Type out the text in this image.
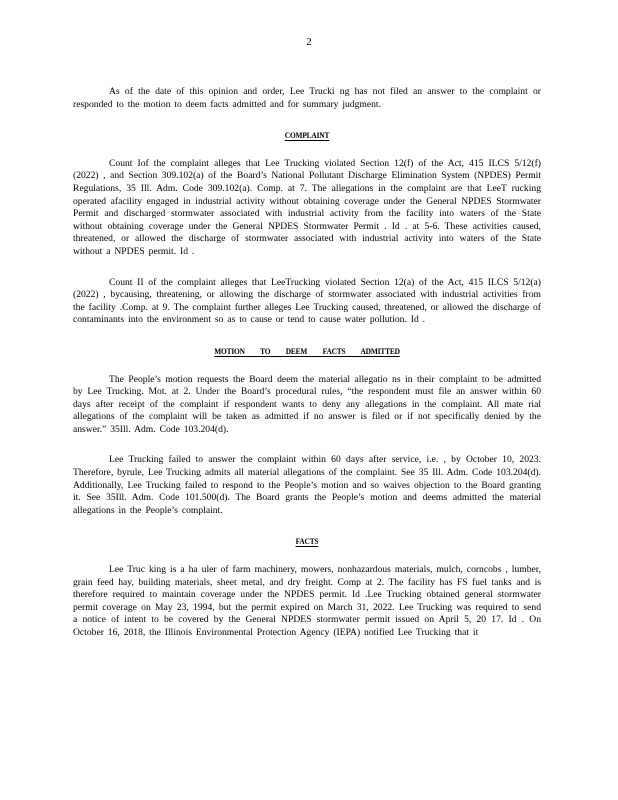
2

As of the date of this opinion and order, Lee Trucki ng has not filed an answer to the complaint or responded to the motion to deem facts admitted and for summary judgment.

COMPLAINT

Count Iof the complaint alleges that Lee Trucking violated Section 12(f) of the Act, 415 ILCS 5/12(f) (2022) , and Section 309.102(a) of the Board’s National Pollutant Discharge Elimination System (NPDES) Permit Regulations, 35 Ill. Adm. Code 309.102(a). Comp. at 7. The allegations in the complaint are that LeeT rucking operated afacility engaged in industrial activity without obtaining coverage under the General NPDES Stormwater Permit and discharged stormwater associated with industrial activity from the facility into waters of the State without obtaining coverage under the General NPDES Stormwater Permit . Id . at 5-6. These activities caused, threatened, or allowed the discharge of stormwater associated with industrial activity into waters of the State without a NPDES permit. Id .

Count II of the complaint alleges that LeeTrucking violated Section 12(a) of the Act, 415 ILCS 5/12(a) (2022) , bycausing, threatening, or allowing the discharge of stormwater associated with industrial activities from the facility .Comp. at 9. The complaint further alleges Lee Trucking caused, threatened, or allowed the discharge of contaminants into the environment so as to cause or tend to cause water pollution. Id .

MOTION TO DEEM FACTS ADMITTED

The People’s motion requests the Board deem the material allegatio ns in their complaint to be admitted by Lee Trucking. Mot. at 2. Under the Board’s procedural rules, “the respondent must file an answer within 60 days after receipt of the complaint if respondent wants to deny any allegations in the complaint. All mate rial allegations of the complaint will be taken as admitted if no answer is filed or if not specifically denied by the answer.” 35Ill. Adm. Code 103.204(d).

Lee Trucking failed to answer the complaint within 60 days after service, i.e. , by October 10, 2023. Therefore, byrule, Lee Trucking admits all material allegations of the complaint. See 35 Ill. Adm. Code 103.204(d). Additionally, Lee Trucking failed to respond to the People’s motion and so waives objection to the Board granting it. See 35Ill. Adm. Code 101.500(d). The Board grants the People’s motion and deems admitted the material allegations in the People’s complaint.

FACTS

Lee Truc king is a ha uler of farm machinery, mowers, nonhazardous materials, mulch, corncobs , lumber, grain feed hay, building materials, sheet metal, and dry freight. Comp at 2. The facility has FS fuel tanks and is therefore required to maintain coverage under the NPDES permit. Id .Lee Trucking obtained general stormwater permit coverage on May 23, 1994, but the permit expired on March 31, 2022. Lee Trucking was required to send a notice of intent to be covered by the General NPDES stormwater permit issued on April 5, 20 17. Id . On October 16, 2018, the Illinois Environmental Protection Agency (IEPA) notified Lee Trucking that it
